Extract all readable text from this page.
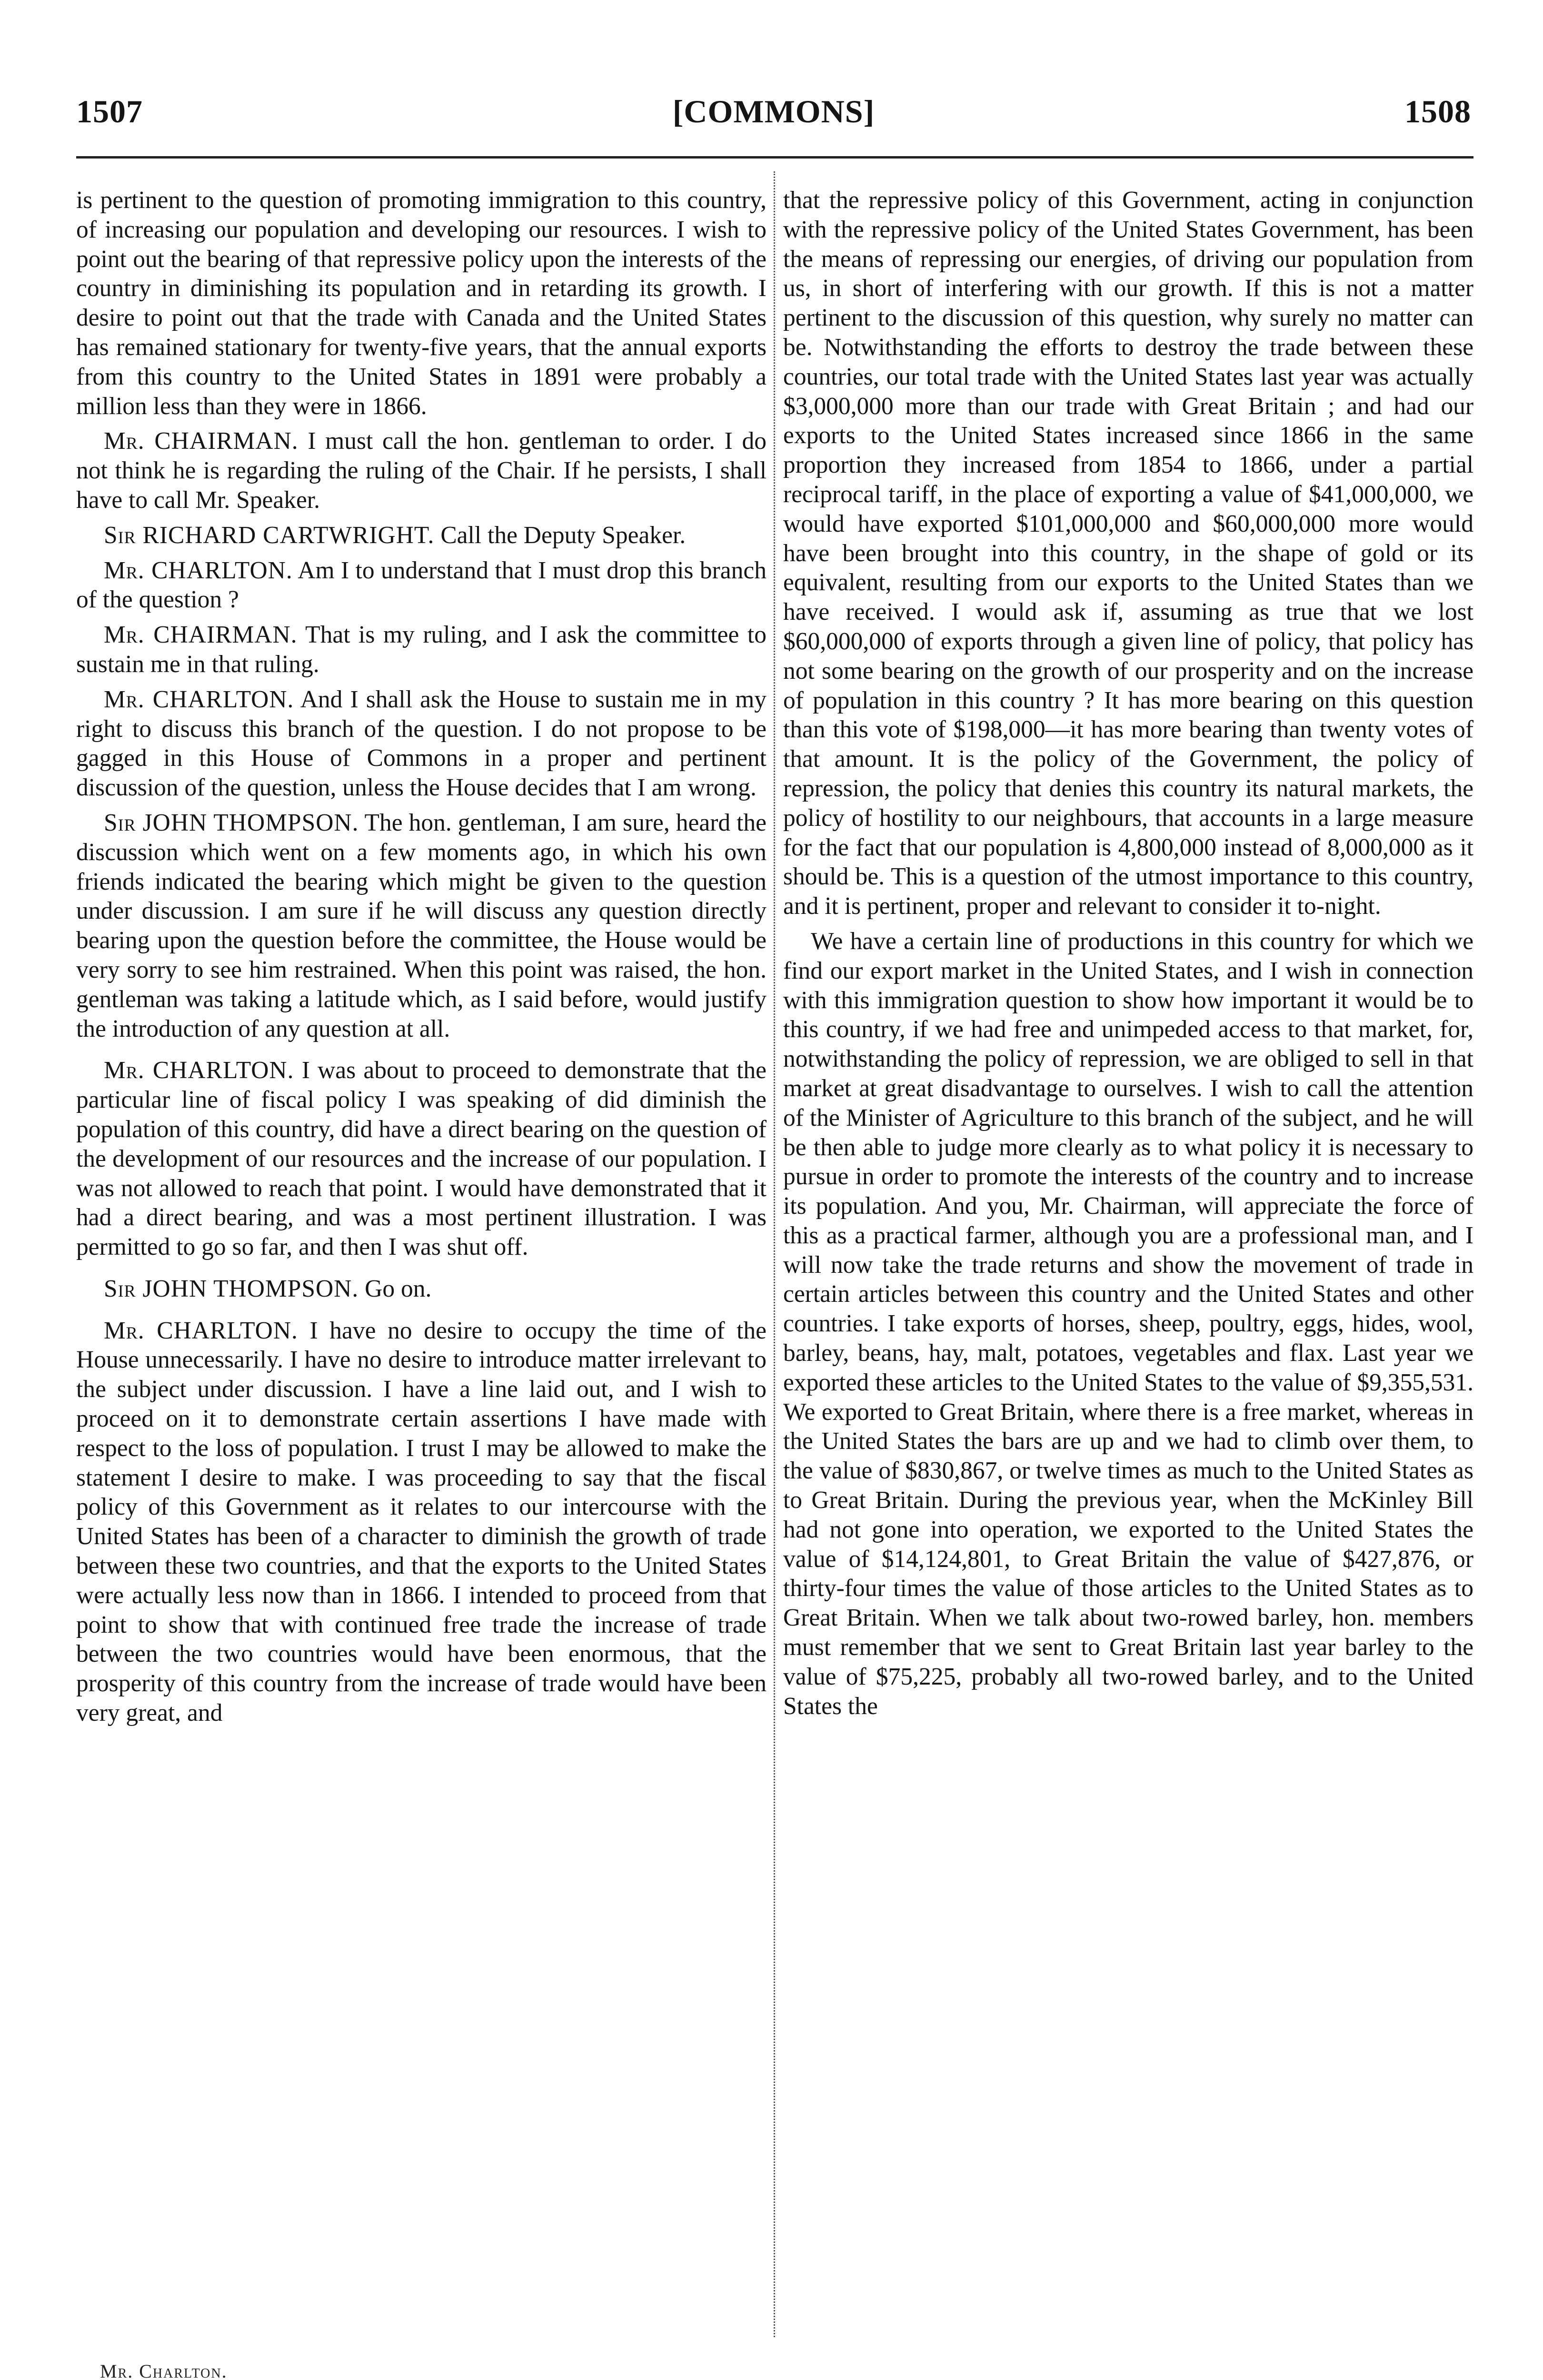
1507	[COMMONS]	1508

is pertinent to the question of promoting immigration to this country, of increasing our population and developing our resources. I wish to point out the bearing of that repressive policy upon the interests of the country in diminishing its population and in retarding its growth. I desire to point out that the trade with Canada and the United States has remained stationary for twenty-five years, that the annual exports from this country to the United States in 1891 were probably a million less than they were in 1866.

Mr. CHAIRMAN. I must call the hon. gentleman to order. I do not think he is regarding the ruling of the Chair. If he persists, I shall have to call Mr. Speaker.

Sir RICHARD CARTWRIGHT. Call the Deputy Speaker.

Mr. CHARLTON. Am I to understand that I must drop this branch of the question ?

Mr. CHAIRMAN. That is my ruling, and I ask the committee to sustain me in that ruling.

Mr. CHARLTON. And I shall ask the House to sustain me in my right to discuss this branch of the question. I do not propose to be gagged in this House of Commons in a proper and pertinent discussion of the question, unless the House decides that I am wrong.

Sir JOHN THOMPSON. The hon. gentleman, I am sure, heard the discussion which went on a few moments ago, in which his own friends indicated the bearing which might be given to the question under discussion. I am sure if he will discuss any question directly bearing upon the question before the committee, the House would be very sorry to see him restrained. When this point was raised, the hon. gentleman was taking a latitude which, as I said before, would justify the introduction of any question at all.

Mr. CHARLTON. I was about to proceed to demonstrate that the particular line of fiscal policy I was speaking of did diminish the population of this country, did have a direct bearing on the question of the development of our resources and the increase of our population. I was not allowed to reach that point. I would have demonstrated that it had a direct bearing, and was a most pertinent illustration. I was permitted to go so far, and then I was shut off.

Sir JOHN THOMPSON. Go on.

Mr. CHARLTON. I have no desire to occupy the time of the House unnecessarily. I have no desire to introduce matter irrelevant to the subject under discussion. I have a line laid out, and I wish to proceed on it to demonstrate certain assertions I have made with respect to the loss of population. I trust I may be allowed to make the statement I desire to make. I was proceeding to say that the fiscal policy of this Government as it relates to our intercourse with the United States has been of a character to diminish the growth of trade between these two countries, and that the exports to the United States were actually less now than in 1866. I intended to proceed from that point to show that with continued free trade the increase of trade between the two countries would have been enormous, that the prosperity of this country from the increase of trade would have been very great, and

that the repressive policy of this Government, acting in conjunction with the repressive policy of the United States Government, has been the means of repressing our energies, of driving our population from us, in short of interfering with our growth. If this is not a matter pertinent to the discussion of this question, why surely no matter can be. Notwithstanding the efforts to destroy the trade between these countries, our total trade with the United States last year was actually $3,000,000 more than our trade with Great Britain ; and had our exports to the United States increased since 1866 in the same proportion they increased from 1854 to 1866, under a partial reciprocal tariff, in the place of exporting a value of $41,000,000, we would have exported $101,000,000 and $60,000,000 more would have been brought into this country, in the shape of gold or its equivalent, resulting from our exports to the United States than we have received. I would ask if, assuming as true that we lost $60,000,000 of exports through a given line of policy, that policy has not some bearing on the growth of our prosperity and on the increase of population in this country ? It has more bearing on this question than this vote of $198,000—it has more bearing than twenty votes of that amount. It is the policy of the Government, the policy of repression, the policy that denies this country its natural markets, the policy of hostility to our neighbours, that accounts in a large measure for the fact that our population is 4,800,000 instead of 8,000,000 as it should be. This is a question of the utmost importance to this country, and it is pertinent, proper and relevant to consider it to-night.

We have a certain line of productions in this country for which we find our export market in the United States, and I wish in connection with this immigration question to show how important it would be to this country, if we had free and unimpeded access to that market, for, notwithstanding the policy of repression, we are obliged to sell in that market at great disadvantage to ourselves. I wish to call the attention of the Minister of Agriculture to this branch of the subject, and he will be then able to judge more clearly as to what policy it is necessary to pursue in order to promote the interests of the country and to increase its population. And you, Mr. Chairman, will appreciate the force of this as a practical farmer, although you are a professional man, and I will now take the trade returns and show the movement of trade in certain articles between this country and the United States and other countries. I take exports of horses, sheep, poultry, eggs, hides, wool, barley, beans, hay, malt, potatoes, vegetables and flax. Last year we exported these articles to the United States to the value of $9,355,531. We exported to Great Britain, where there is a free market, whereas in the United States the bars are up and we had to climb over them, to the value of $830,867, or twelve times as much to the United States as to Great Britain. During the previous year, when the McKinley Bill had not gone into operation, we exported to the United States the value of $14,124,801, to Great Britain the value of $427,876, or thirty-four times the value of those articles to the United States as to Great Britain. When we talk about two-rowed barley, hon. members must remember that we sent to Great Britain last year barley to the value of $75,225, probably all two-rowed barley, and to the United States the

Mr. Charlton.
